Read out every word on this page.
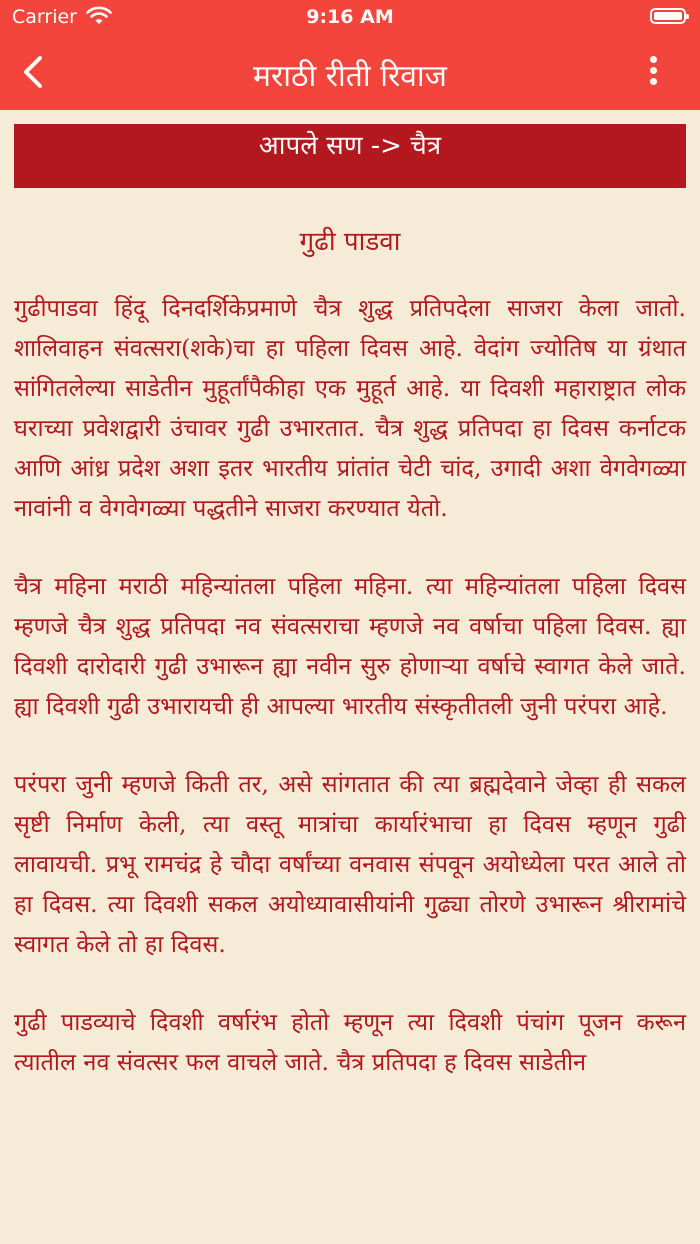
Carrier	9:16 AM
मराठी रीती रिवाज
आपले सण -> चैत्र
गुढी पाडवा

गुढीपाडवा हिंदू दिनदर्शिकेप्रमाणे चैत्र शुद्ध प्रतिपदेला साजरा केला जातो. शालिवाहन संवत्सरा(शके)चा हा पहिला दिवस आहे. वेदांग ज्योतिष या ग्रंथात सांगितलेल्या साडेतीन मुहूर्तांपैकीहा एक मुहूर्त आहे. या दिवशी महाराष्ट्रात लोक घराच्या प्रवेशद्वारी उंचावर गुढी उभारतात. चैत्र शुद्ध प्रतिपदा हा दिवस कर्नाटक आणि आंध्र प्रदेश अशा इतर भारतीय प्रांतांत चेटी चांद, उगादी अशा वेगवेगळ्या नावांनी व वेगवेगळ्या पद्धतीने साजरा करण्यात येतो.

चैत्र महिना मराठी महिन्यांतला पहिला महिना. त्या महिन्यांतला पहिला दिवस म्हणजे चैत्र शुद्ध प्रतिपदा नव संवत्सराचा म्हणजे नव वर्षाचा पहिला दिवस. ह्या दिवशी दारोदारी गुढी उभारून ह्या नवीन सुरु होणाऱ्या वर्षाचे स्वागत केले जाते. ह्या दिवशी गुढी उभारायची ही आपल्या भारतीय संस्कृतीतली जुनी परंपरा आहे.

परंपरा जुनी म्हणजे किती तर, असे सांगतात की त्या ब्रह्मदेवाने जेव्हा ही सकल सृष्टी निर्माण केली, त्या वस्तू मात्रांचा कार्यारंभाचा हा दिवस म्हणून गुढी लावायची. प्रभू रामचंद्र हे चौदा वर्षांच्या वनवास संपवून अयोध्येला परत आले तो हा दिवस. त्या दिवशी सकल अयोध्यावासीयांनी गुढ्या तोरणे उभारून श्रीरामांचे स्वागत केले तो हा दिवस.

गुढी पाडव्याचे दिवशी वर्षारंभ होतो म्हणून त्या दिवशी पंचांग पूजन करून त्यातील नव संवत्सर फल वाचले जाते. चैत्र प्रतिपदा ह दिवस साडेतीन
